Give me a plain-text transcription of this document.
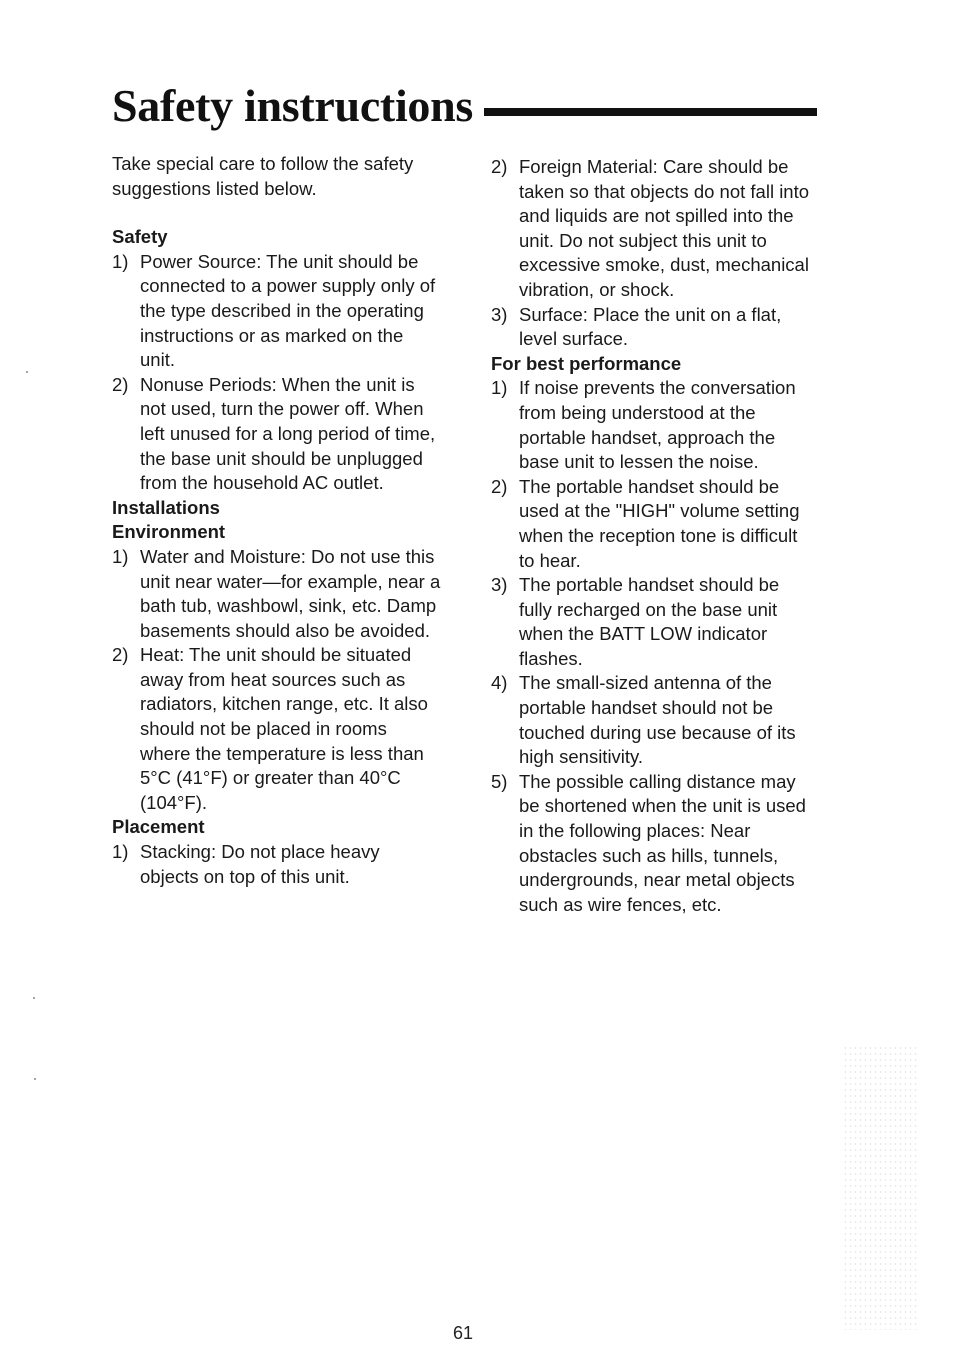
Safety instructions

Take special care to follow the safety suggestions listed below.

Safety
1) Power Source: The unit should be connected to a power supply only of the type described in the operating instructions or as marked on the unit.
2) Nonuse Periods: When the unit is not used, turn the power off. When left unused for a long period of time, the base unit should be unplugged from the household AC outlet.
Installations
Environment
1) Water and Moisture: Do not use this unit near water—for example, near a bath tub, washbowl, sink, etc. Damp basements should also be avoided.
2) Heat: The unit should be situated away from heat sources such as radiators, kitchen range, etc. It also should not be placed in rooms where the temperature is less than 5°C (41°F) or greater than 40°C (104°F).
Placement
1) Stacking: Do not place heavy objects on top of this unit.
2) Foreign Material: Care should be taken so that objects do not fall into and liquids are not spilled into the unit. Do not subject this unit to excessive smoke, dust, mechanical vibration, or shock.
3) Surface: Place the unit on a flat, level surface.
For best performance
1) If noise prevents the conversation from being understood at the portable handset, approach the base unit to lessen the noise.
2) The portable handset should be used at the "HIGH" volume setting when the reception tone is difficult to hear.
3) The portable handset should be fully recharged on the base unit when the BATT LOW indicator flashes.
4) The small-sized antenna of the portable handset should not be touched during use because of its high sensitivity.
5) The possible calling distance may be shortened when the unit is used in the following places: Near obstacles such as hills, tunnels, undergrounds, near metal objects such as wire fences, etc.
61
